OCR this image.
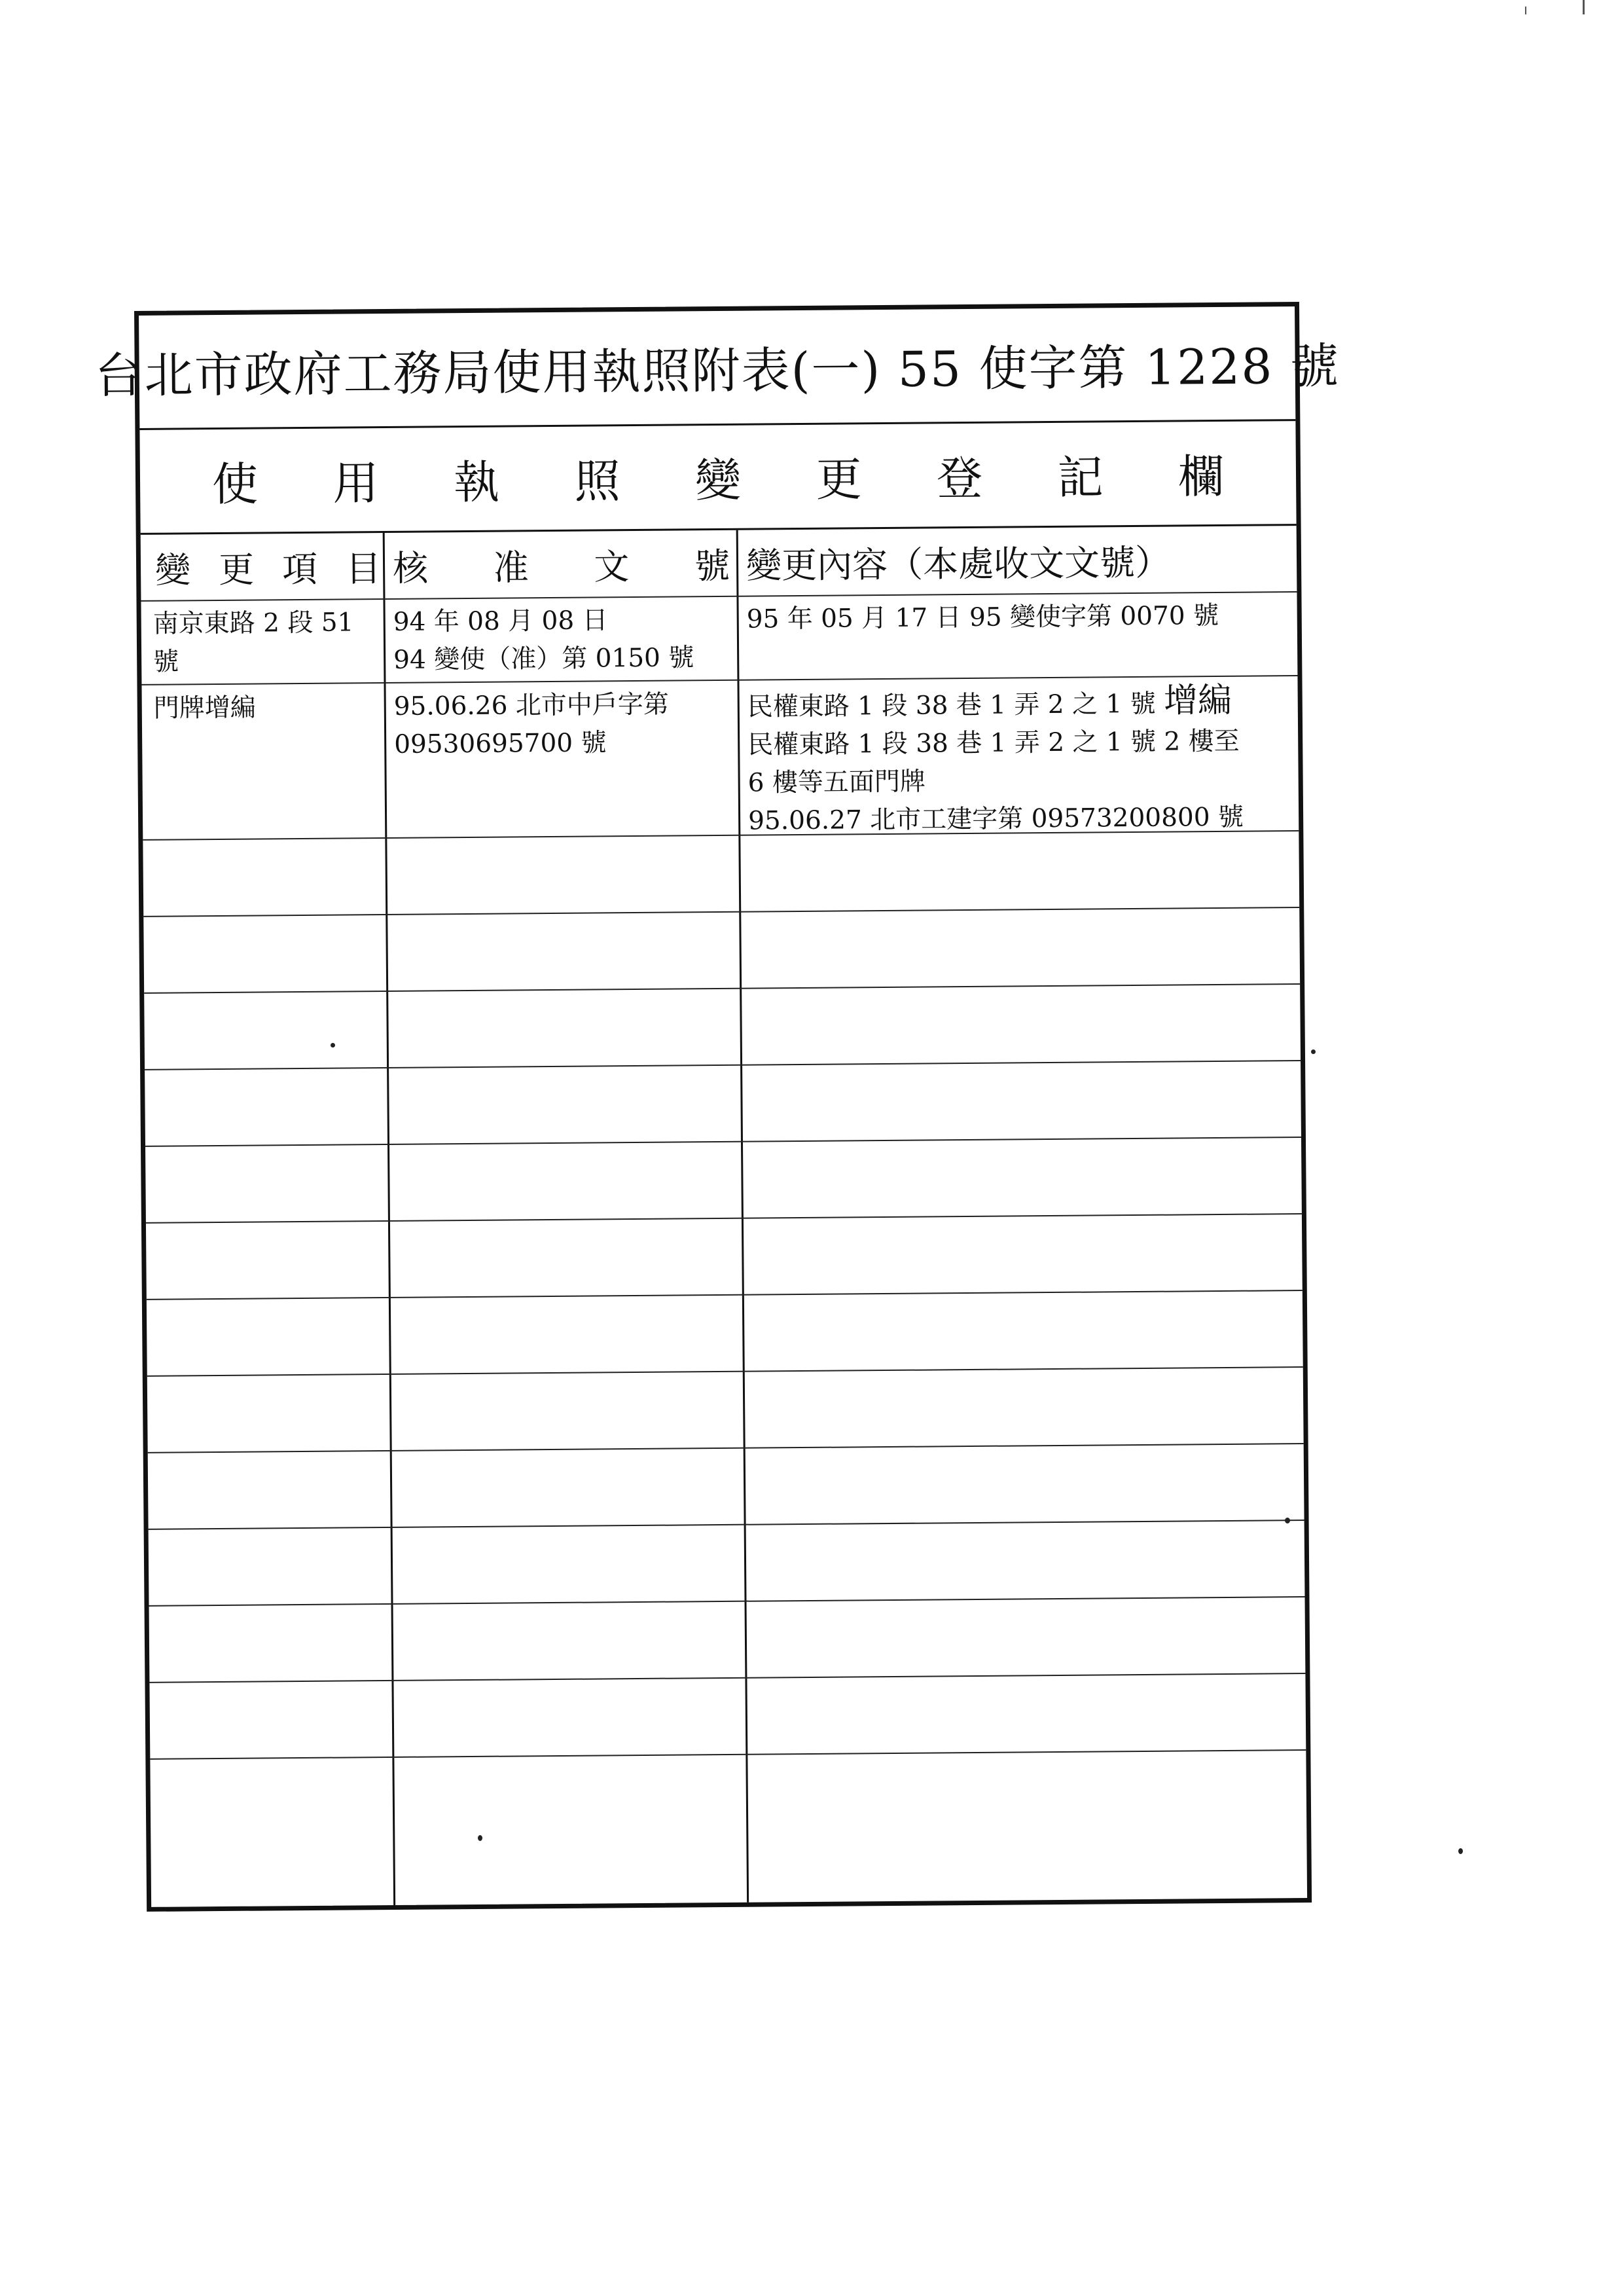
台北市政府工務局使用執照附表(一) 55 使字第 1228 號
使 用 執 照 變 更 登 記 欄
變 更 項 目 核 准 文 號 變更內容（本處收文文號）
南京東路 2 段 51
號
94 年 08 月 08 日
94 變使（准）第 0150 號
95 年 05 月 17 日 95 變使字第 0070 號
門牌增編	95.06.26 北市中戶字第
09530695700 號
民權東路 1 段 38 巷 1 弄 2 之 1 號 增編
民權東路 1 段 38 巷 1 弄 2 之 1 號 2 樓至
6 樓等五面門牌
95.06.27 北市工建字第 09573200800 號
